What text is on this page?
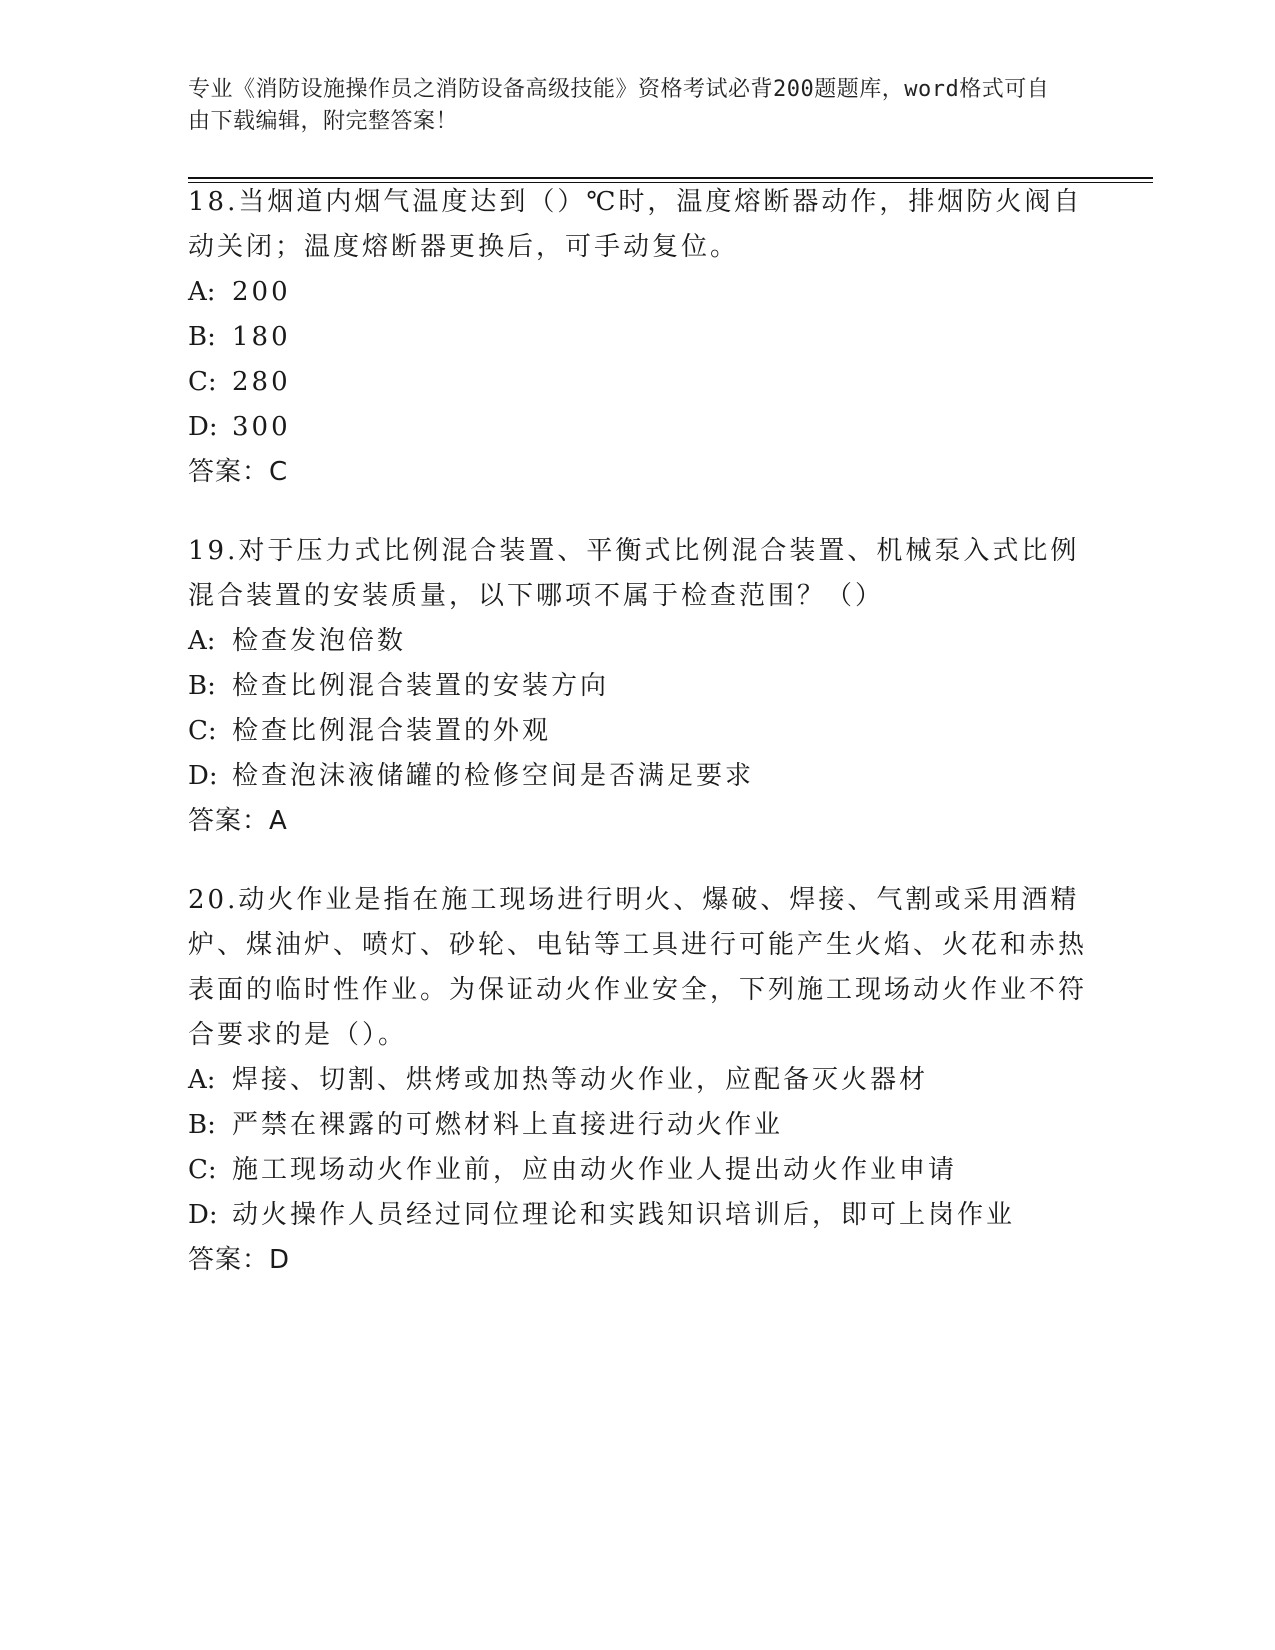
专业《消防设施操作员之消防设备高级技能》资格考试必背200题题库，word格式可自由下载编辑，附完整答案！

18.当烟道内烟气温度达到（）℃时，温度熔断器动作，排烟防火阀自动关闭；温度熔断器更换后，可手动复位。

A: 200

B: 180

C: 280

D: 300

答案：C

19.对于压力式比例混合装置、平衡式比例混合装置、机械泵入式比例混合装置的安装质量，以下哪项不属于检查范围？（）

A: 检查发泡倍数

B: 检查比例混合装置的安装方向

C: 检查比例混合装置的外观

D: 检查泡沫液储罐的检修空间是否满足要求

答案：A

20.动火作业是指在施工现场进行明火、爆破、焊接、气割或采用酒精炉、煤油炉、喷灯、砂轮、电钻等工具进行可能产生火焰、火花和赤热表面的临时性作业。为保证动火作业安全，下列施工现场动火作业不符合要求的是（）。

A: 焊接、切割、烘烤或加热等动火作业，应配备灭火器材

B: 严禁在裸露的可燃材料上直接进行动火作业

C: 施工现场动火作业前，应由动火作业人提出动火作业申请

D: 动火操作人员经过同位理论和实践知识培训后，即可上岗作业

答案：D
